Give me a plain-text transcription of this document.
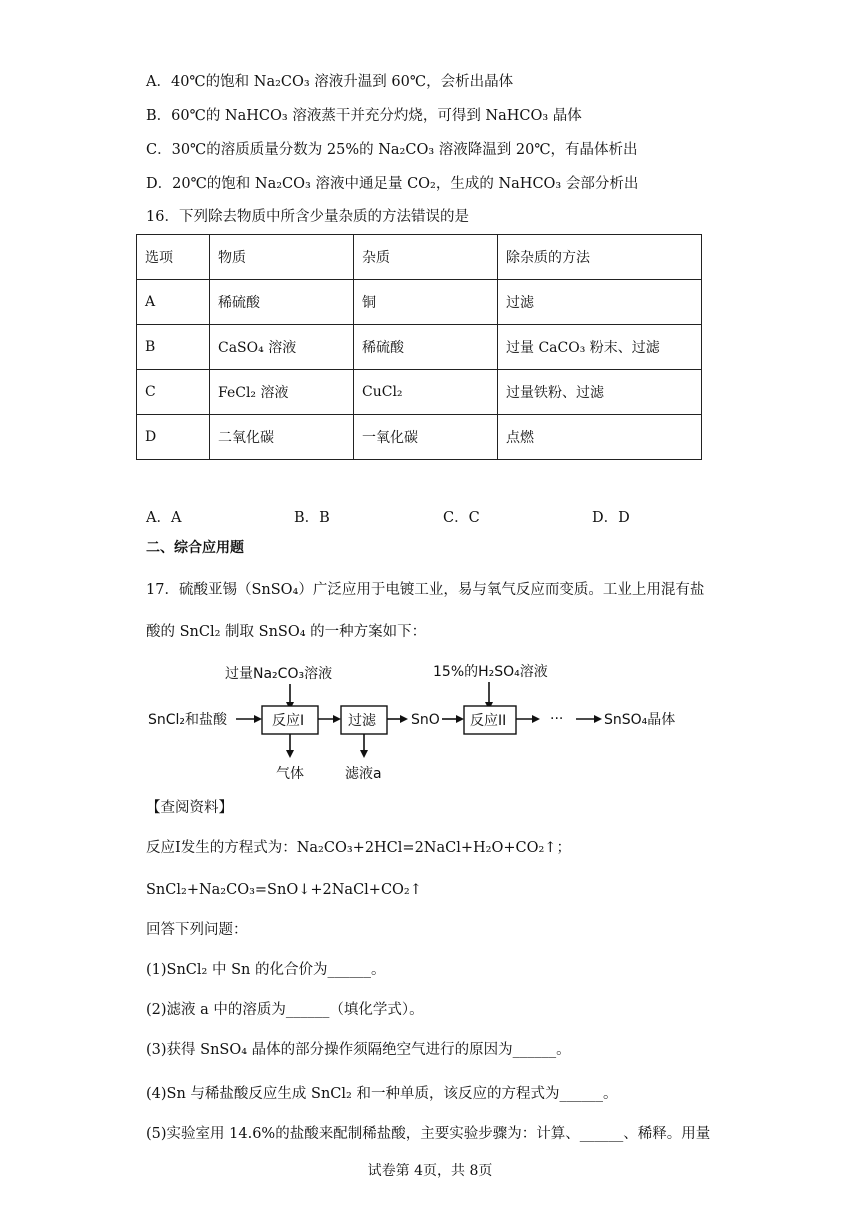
A．40℃的饱和 Na₂CO₃ 溶液升温到 60℃，会析出晶体
B．60℃的 NaHCO₃ 溶液蒸干并充分灼烧，可得到 NaHCO₃ 晶体
C．30℃的溶质质量分数为 25%的 Na₂CO₃ 溶液降温到 20℃，有晶体析出
D．20℃的饱和 Na₂CO₃ 溶液中通足量 CO₂，生成的 NaHCO₃ 会部分析出
16．下列除去物质中所含少量杂质的方法错误的是
选项	物质	杂质	除杂质的方法
A	稀硫酸	铜	过滤
B	CaSO₄ 溶液	稀硫酸	过量 CaCO₃ 粉末、过滤
C	FeCl₂ 溶液	CuCl₂	过量铁粉、过滤
D	二氧化碳	一氧化碳	点燃
A．A	B．B	C．C	D．D
二、综合应用题
17．硫酸亚锡（SnSO₄）广泛应用于电镀工业，易与氧气反应而变质。工业上用混有盐
酸的 SnCl₂ 制取 SnSO₄ 的一种方案如下：
过量Na₂CO₃溶液	15%的H₂SO₄溶液
SnCl₂和盐酸	反应I
气体
过滤
滤液a
SnO 反应II	···	SnSO₄晶体
【查阅资料】
反应I发生的方程式为：Na₂CO₃+2HCl=2NaCl+H₂O+CO₂↑；
SnCl₂+Na₂CO₃=SnO↓+2NaCl+CO₂↑
回答下列问题：
(1)SnCl₂ 中 Sn 的化合价为______。
(2)滤液 a 中的溶质为______（填化学式）。
(3)获得 SnSO₄ 晶体的部分操作须隔绝空气进行的原因为______。
(4)Sn 与稀盐酸反应生成 SnCl₂ 和一种单质，该反应的方程式为______。
(5)实验室用 14.6%的盐酸来配制稀盐酸，主要实验步骤为：计算、______、稀释。用量
试卷第 4页，共 8页
